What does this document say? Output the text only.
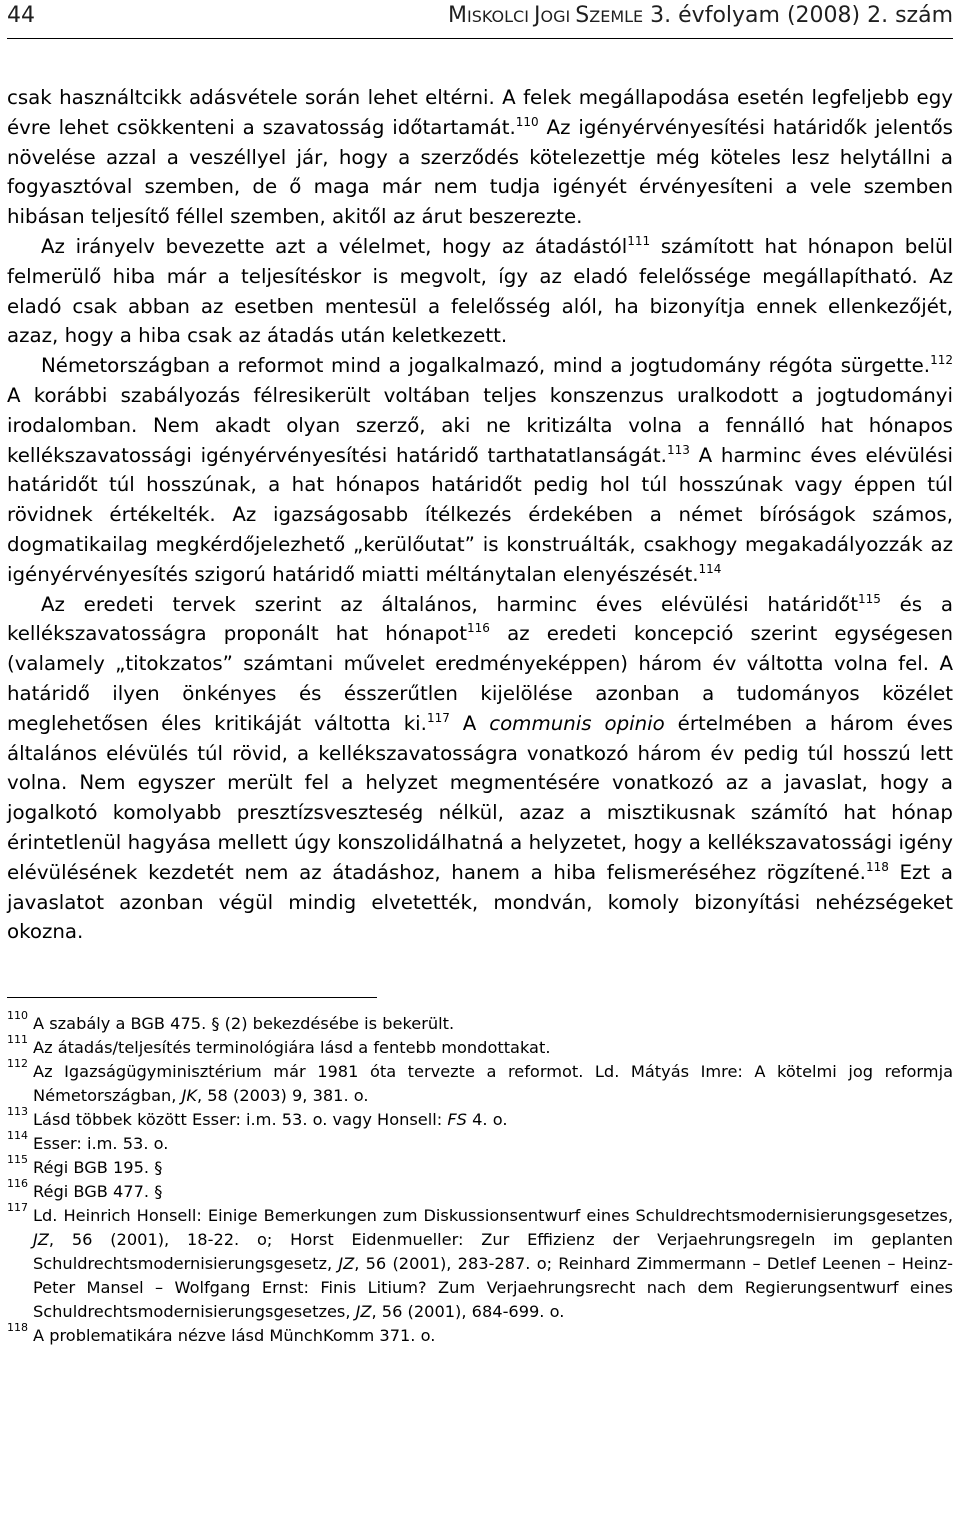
44	MISKOLCI JOGI SZEMLE 3. évfolyam (2008) 2. szám

csak használtcikk adásvétele során lehet eltérni. A felek megállapodása esetén legfeljebb egy évre lehet csökkenteni a szavatosság időtartamát.$^{110}$ Az igényérvényesítési határidők jelentős növelése azzal a veszéllyel jár, hogy a szerződés kötelezettje még köteles lesz helytállni a fogyasztóval szemben, de ő maga már nem tudja igényét érvényesíteni a vele szemben hibásan teljesítő féllel szemben, akitől az árut beszerezte.

Az irányelv bevezette azt a vélelmet, hogy az átadástól$^{111}$ számított hat hónapon belül felmerülő hiba már a teljesítéskor is megvolt, így az eladó felelőssége megállapítható. Az eladó csak abban az esetben mentesül a felelősség alól, ha bizonyítja ennek ellenkezőjét, azaz, hogy a hiba csak az átadás után keletkezett.

Németországban a reformot mind a jogalkalmazó, mind a jogtudomány régóta sürgette.$^{112}$ A korábbi szabályozás félresikerült voltában teljes konszenzus uralkodott a jogtudományi irodalomban. Nem akadt olyan szerző, aki ne kritizálta volna a fennálló hat hónapos kellékszavatossági igényérvényesítési határidő tarthatatlanságát.$^{113}$ A harminc éves elévülési határidőt túl hosszúnak, a hat hónapos határidőt pedig hol túl hosszúnak vagy éppen túl rövidnek értékelték. Az igazságosabb ítélkezés érdekében a német bíróságok számos, dogmatikailag megkérdőjelezhető „kerülőutat” is konstruálták, csakhogy megakadályozzák az igényérvényesítés szigorú határidő miatti méltánytalan elenyészését.$^{114}$

Az eredeti tervek szerint az általános, harminc éves elévülési határidőt$^{115}$ és a kellékszavatosságra proponált hat hónapot$^{116}$ az eredeti koncepció szerint egységesen (valamely „titokzatos” számtani művelet eredményeképpen) három év váltotta volna fel. A határidő ilyen önkényes és ésszerűtlen kijelölése azonban a tudományos közélet meglehetősen éles kritikáját váltotta ki.$^{117}$ A communis opinio értelmében a három éves általános elévülés túl rövid, a kellékszavatosságra vonatkozó három év pedig túl hosszú lett volna. Nem egyszer merült fel a helyzet megmentésére vonatkozó az a javaslat, hogy a jogalkotó komolyabb presztízsveszteség nélkül, azaz a misztikusnak számító hat hónap érintetlenül hagyása mellett úgy konszolidálhatná a helyzetet, hogy a kellékszavatossági igény elévülésének kezdetét nem az átadáshoz, hanem a hiba felismeréséhez rögzítené.$^{118}$ Ezt a javaslatot azonban végül mindig elvetették, mondván, komoly bizonyítási nehézségeket okozna.

110 A szabály a BGB 475. § (2) bekezdésébe is bekerült.
111 Az átadás/teljesítés terminológiára lásd a fentebb mondottakat.
112 Az Igazságügyminisztérium már 1981 óta tervezte a reformot. Ld. Mátyás Imre: A kötelmi jog reformja Németországban, JK, 58 (2003) 9, 381. o.
113 Lásd többek között Esser: i.m. 53. o. vagy Honsell: FS 4. o.
114 Esser: i.m. 53. o.
115 Régi BGB 195. §
116 Régi BGB 477. §
117 Ld. Heinrich Honsell: Einige Bemerkungen zum Diskussionsentwurf eines Schuldrechtsmodernisierungsgesetzes, JZ, 56 (2001), 18-22. o; Horst Eidenmueller: Zur Effizienz der Verjaehrungsregeln im geplanten Schuldrechtsmodernisierungsgesetz, JZ, 56 (2001), 283-287. o; Reinhard Zimmermann – Detlef Leenen – Heinz-Peter Mansel – Wolfgang Ernst: Finis Litium? Zum Verjaehrungsrecht nach dem Regierungsentwurf eines Schuldrechtsmodernisierungsgesetzes, JZ, 56 (2001), 684-699. o.
118 A problematikára nézve lásd MünchKomm 371. o.
